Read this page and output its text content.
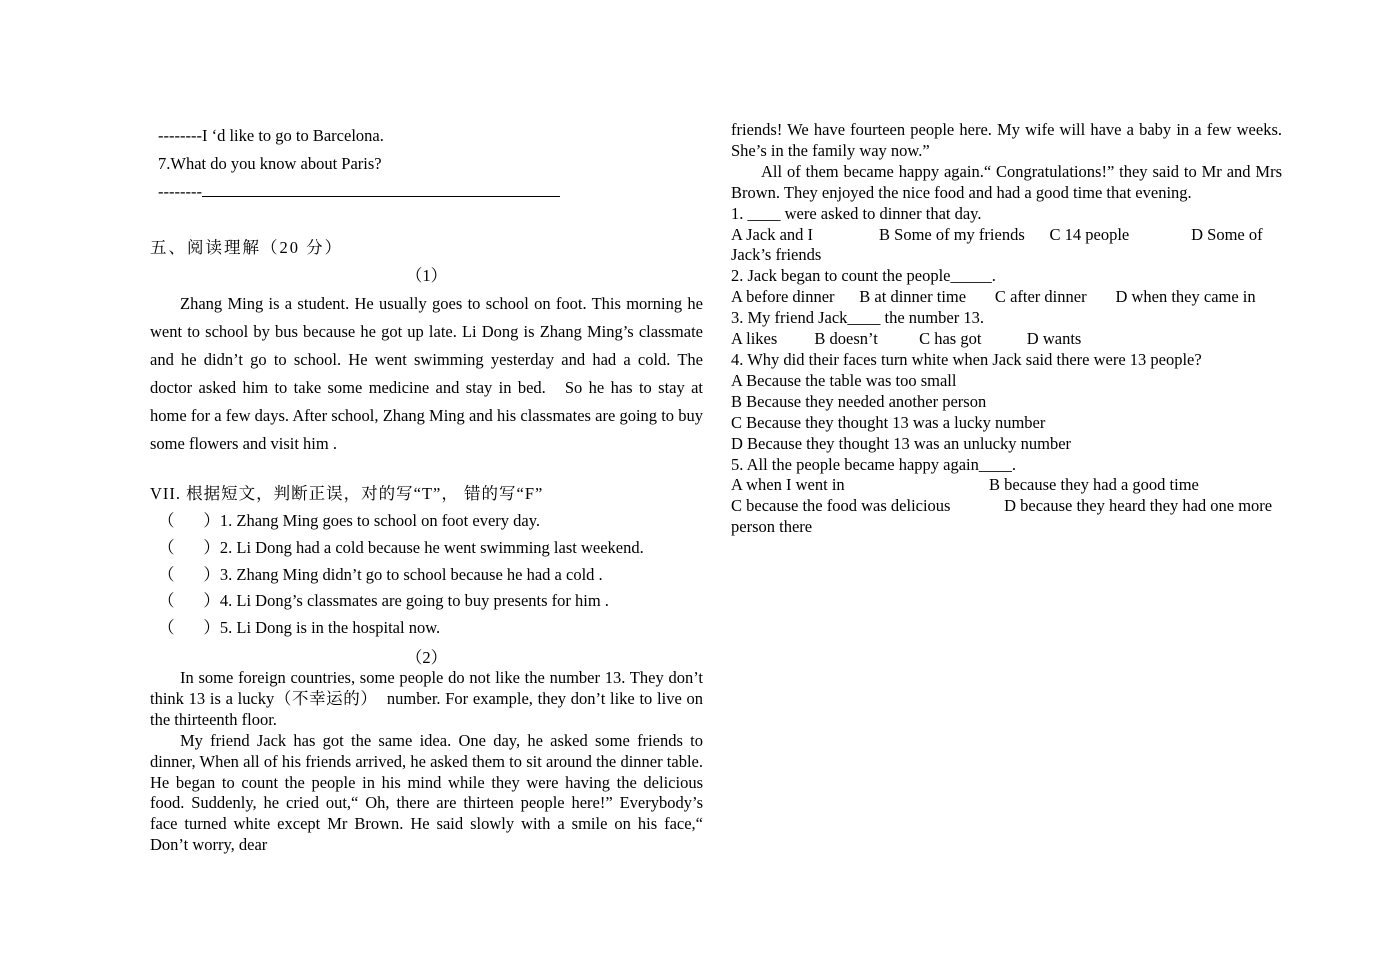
--------I ‘d like to go to Barcelona.
7.What do you know about Paris?
--------
五、阅读理解（20 分）
（1）
Zhang Ming is a student. He usually goes to school on foot. This morning he went to school by bus because he got up late. Li Dong is Zhang Ming’s classmate and he didn’t go to school. He went swimming yesterday and had a cold. The doctor asked him to take some medicine and stay in bed.   So he has to stay at home for a few days. After school, Zhang Ming and his classmates are going to buy some flowers and visit him .
VII. 根据短文，判断正误，对的写“T”， 错的写“F”
（       ）1. Zhang Ming goes to school on foot every day.
（       ）2. Li Dong had a cold because he went swimming last weekend.
（       ）3. Zhang Ming didn’t go to school because he had a cold .
（       ）4. Li Dong’s classmates are going to buy presents for him .
（       ）5. Li Dong is in the hospital now.
（2）
In some foreign countries, some people do not like the number 13. They don’t think 13 is a lucky（不幸运的）  number. For example, they don’t like to live on the thirteenth floor.
My friend Jack has got the same idea. One day, he asked some friends to dinner, When all of his friends arrived, he asked them to sit around the dinner table. He began to count the people in his mind while they were having the delicious food. Suddenly, he cried out,“ Oh, there are thirteen people here!” Everybody’s face turned white except Mr Brown. He said slowly with a smile on his face,“ Don’t worry, dear
friends! We have fourteen people here. My wife will have a baby in a few weeks. She’s in the family way now.”
All of them became happy again.“ Congratulations!” they said to Mr and Mrs Brown. They enjoyed the nice food and had a good time that evening.
1. ____ were asked to dinner that day.
A Jack and I                B Some of my friends      C 14 people               D Some of
Jack’s friends
2. Jack began to count the people_____.
A before dinner      B at dinner time       C after dinner       D when they came in
3. My friend Jack____ the number 13.
A likes         B doesn’t          C has got           D wants
4. Why did their faces turn white when Jack said there were 13 people?
A Because the table was too small
B Because they needed another person
C Because they thought 13 was a lucky number
D Because they thought 13 was an unlucky number
5. All the people became happy again____.
A when I went in                                   B because they had a good time
C because the food was delicious             D because they heard they had one more
person there
